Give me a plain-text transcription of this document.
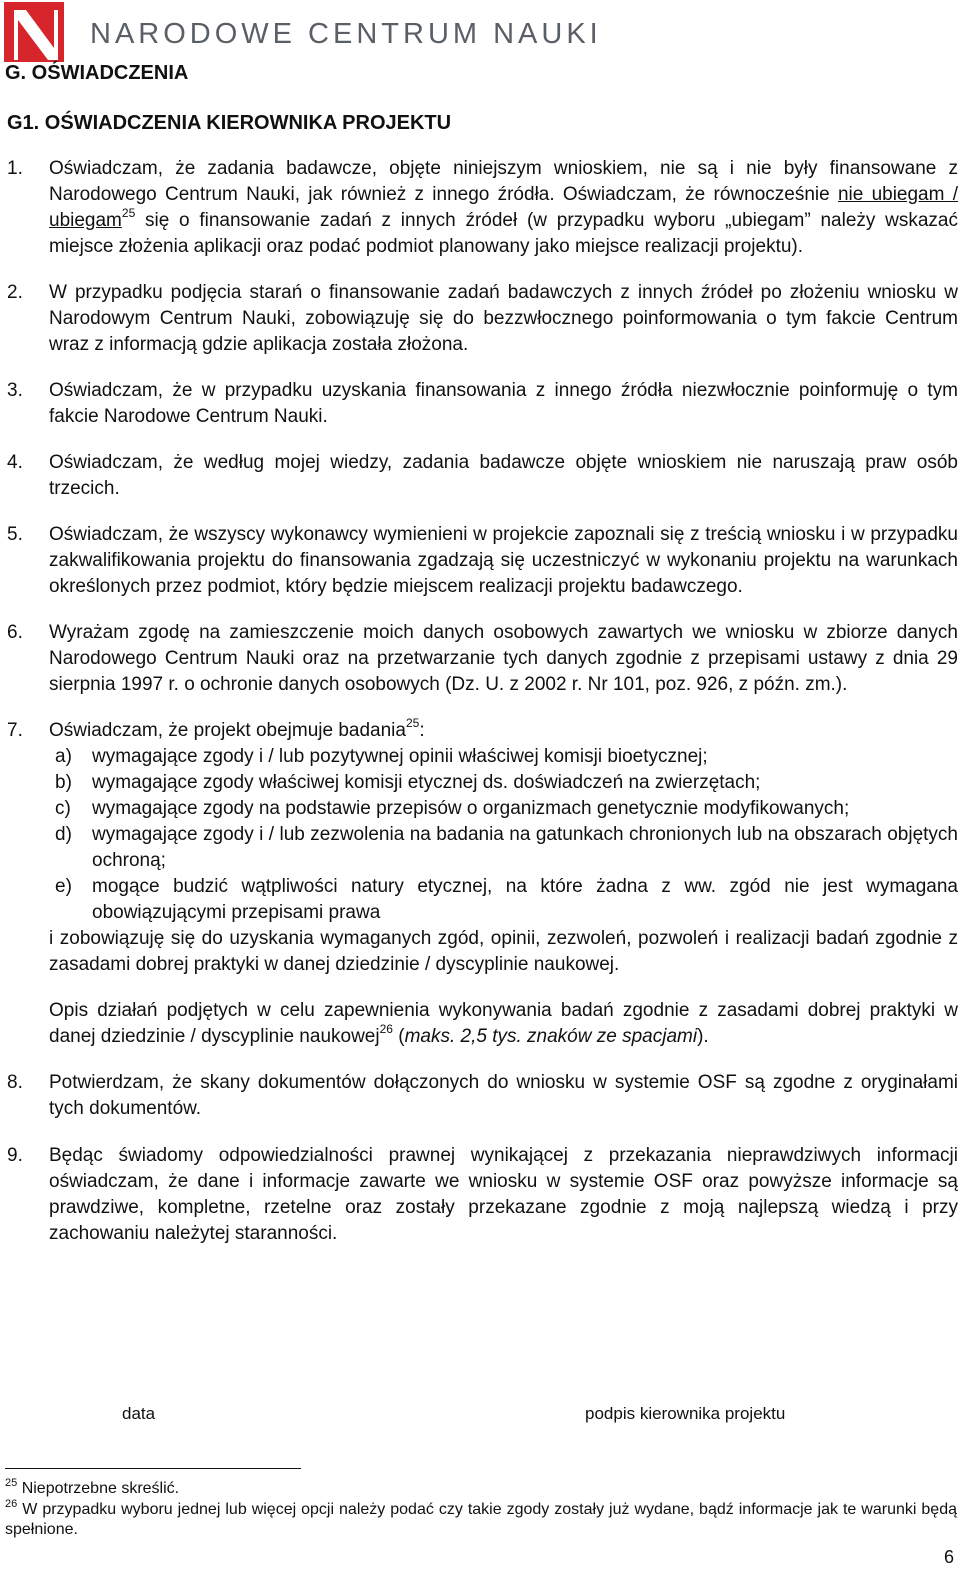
NARODOWE CENTRUM NAUKI
G. OŚWIADCZENIA
G1. OŚWIADCZENIA KIEROWNIKA PROJEKTU

1. Oświadczam, że zadania badawcze, objęte niniejszym wnioskiem, nie są i nie były finansowane z Narodowego Centrum Nauki, jak również z innego źródła. Oświadczam, że równocześnie nie ubiegam / ubiegam$^{25}$ się o finansowanie zadań z innych źródeł (w przypadku wyboru „ubiegam” należy wskazać miejsce złożenia aplikacji oraz podać podmiot planowany jako miejsce realizacji projektu).

2. W przypadku podjęcia starań o finansowanie zadań badawczych z innych źródeł po złożeniu wniosku w Narodowym Centrum Nauki, zobowiązuję się do bezzwłocznego poinformowania o tym fakcie Centrum wraz z informacją gdzie aplikacja została złożona.

3. Oświadczam, że w przypadku uzyskania finansowania z innego źródła niezwłocznie poinformuję o tym fakcie Narodowe Centrum Nauki.

4. Oświadczam, że według mojej wiedzy, zadania badawcze objęte wnioskiem nie naruszają praw osób trzecich.

5. Oświadczam, że wszyscy wykonawcy wymienieni w projekcie zapoznali się z treścią wniosku i w przypadku zakwalifikowania projektu do finansowania zgadzają się uczestniczyć w wykonaniu projektu na warunkach określonych przez podmiot, który będzie miejscem realizacji projektu badawczego.

6. Wyrażam zgodę na zamieszczenie moich danych osobowych zawartych we wniosku w zbiorze danych Narodowego Centrum Nauki oraz na przetwarzanie tych danych zgodnie z przepisami ustawy z dnia 29 sierpnia 1997 r. o ochronie danych osobowych (Dz. U. z 2002 r. Nr 101, poz. 926, z późn. zm.).

7. Oświadczam, że projekt obejmuje badania$^{25}$:

a) wymagające zgody i / lub pozytywnej opinii właściwej komisji bioetycznej;
b) wymagające zgody właściwej komisji etycznej ds. doświadczeń na zwierzętach;
c) wymagające zgody na podstawie przepisów o organizmach genetycznie modyfikowanych;
d) wymagające zgody i / lub zezwolenia na badania na gatunkach chronionych lub na obszarach objętych ochroną;
e) mogące budzić wątpliwości natury etycznej, na które żadna z ww. zgód nie jest wymagana obowiązującymi przepisami prawa
i zobowiązuję się do uzyskania wymaganych zgód, opinii, zezwoleń, pozwoleń i realizacji badań zgodnie z zasadami dobrej praktyki w danej dziedzinie / dyscyplinie naukowej.
Opis działań podjętych w celu zapewnienia wykonywania badań zgodnie z zasadami dobrej praktyki w danej dziedzinie / dyscyplinie naukowej$^{26}$ (maks. 2,5 tys. znaków ze spacjami).

8. Potwierdzam, że skany dokumentów dołączonych do wniosku w systemie OSF są zgodne z oryginałami tych dokumentów.

9. Będąc świadomy odpowiedzialności prawnej wynikającej z przekazania nieprawdziwych informacji oświadczam, że dane i informacje zawarte we wniosku w systemie OSF oraz powyższe informacje są prawdziwe, kompletne, rzetelne oraz zostały przekazane zgodnie z moją najlepszą wiedzą i przy zachowaniu należytej staranności.

data	podpis kierownika projektu
$^{25}$ Niepotrzebne skreślić.
$^{26}$ W przypadku wyboru jednej lub więcej opcji należy podać czy takie zgody zostały już wydane, bądź informacje jak te warunki będą spełnione.
6
